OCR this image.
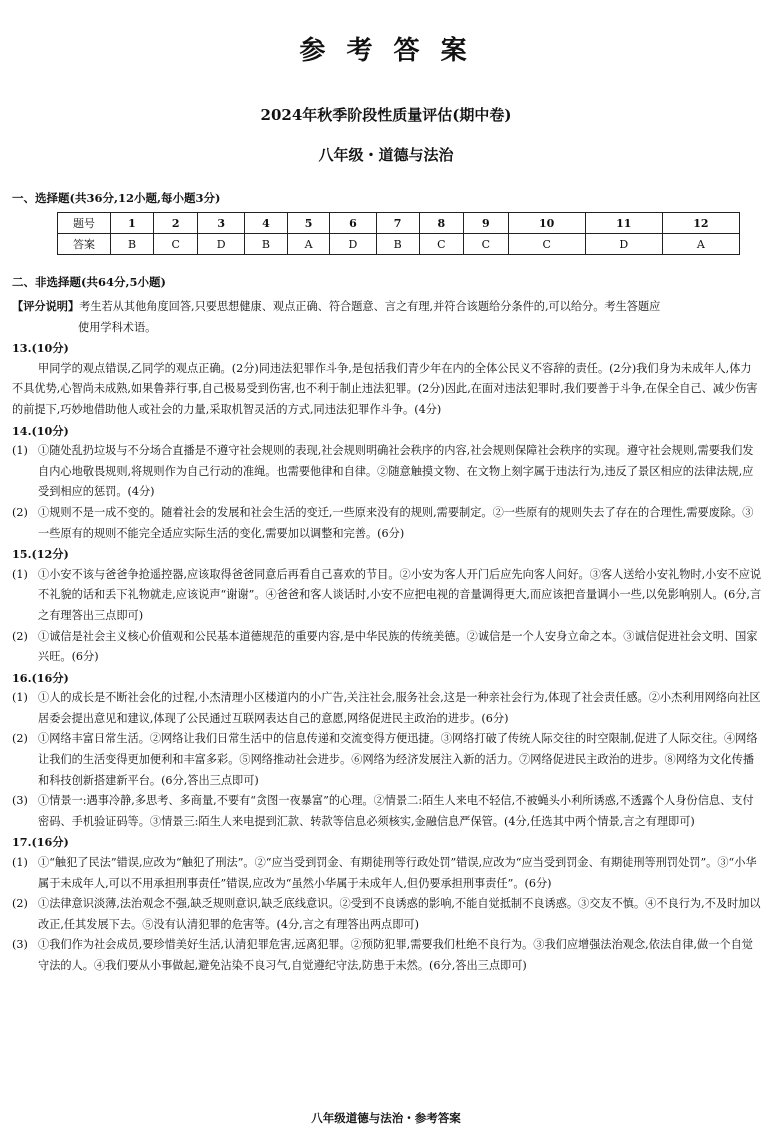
参 考 答 案
2024年秋季阶段性质量评估(期中卷)
八年级・道德与法治
一、选择题(共36分,12小题,每小题3分)
题号	1	2	3	4	5	6	7	8	9	10	11	12
答案	B	C	D	B	A	D	B	C	C	C	D	A
二、非选择题(共64分,5小题)

【评分说明】考生若从其他角度回答,只要思想健康、观点正确、符合题意、言之有理,并符合该题给分条件的,可以给分。考生答题应

使用学科术语。

13.(10分)

甲同学的观点错误,乙同学的观点正确。(2分)同违法犯罪作斗争,是包括我们青少年在内的全体公民义不容辞的责任。(2分)我们身为未成年人,体力不具优势,心智尚未成熟,如果鲁莽行事,自己极易受到伤害,也不利于制止违法犯罪。(2分)因此,在面对违法犯罪时,我们要善于斗争,在保全自己、减少伤害的前提下,巧妙地借助他人或社会的力量,采取机智灵活的方式,同违法犯罪作斗争。(4分)

14.(10分)

(1) ①随处乱扔垃圾与不分场合直播是不遵守社会规则的表现,社会规则明确社会秩序的内容,社会规则保障社会秩序的实现。遵守社会规则,需要我们发自内心地敬畏规则,将规则作为自己行动的准绳。也需要他律和自律。②随意触摸文物、在文物上刻字属于违法行为,违反了景区相应的法律法规,应受到相应的惩罚。(4分)

(2) ①规则不是一成不变的。随着社会的发展和社会生活的变迁,一些原来没有的规则,需要制定。②一些原有的规则失去了存在的合理性,需要废除。③一些原有的规则不能完全适应实际生活的变化,需要加以调整和完善。(6分)

15.(12分)

(1) ①小安不该与爸爸争抢遥控器,应该取得爸爸同意后再看自己喜欢的节目。②小安为客人开门后应先向客人问好。③客人送给小安礼物时,小安不应说不礼貌的话和丢下礼物就走,应该说声“谢谢”。④爸爸和客人谈话时,小安不应把电视的音量调得更大,而应该把音量调小一些,以免影响别人。(6分,言之有理答出三点即可)

(2) ①诚信是社会主义核心价值观和公民基本道德规范的重要内容,是中华民族的传统美德。②诚信是一个人安身立命之本。③诚信促进社会文明、国家兴旺。(6分)

16.(16分)

(1) ①人的成长是不断社会化的过程,小杰清理小区楼道内的小广告,关注社会,服务社会,这是一种亲社会行为,体现了社会责任感。②小杰利用网络向社区居委会提出意见和建议,体现了公民通过互联网表达自己的意愿,网络促进民主政治的进步。(6分)

(2) ①网络丰富日常生活。②网络让我们日常生活中的信息传递和交流变得方便迅捷。③网络打破了传统人际交往的时空限制,促进了人际交往。④网络让我们的生活变得更加便利和丰富多彩。⑤网络推动社会进步。⑥网络为经济发展注入新的活力。⑦网络促进民主政治的进步。⑧网络为文化传播和科技创新搭建新平台。(6分,答出三点即可)

(3) ①情景一:遇事冷静,多思考、多商量,不要有“贪图一夜暴富”的心理。②情景二:陌生人来电不轻信,不被蝇头小利所诱惑,不透露个人身份信息、支付密码、手机验证码等。③情景三:陌生人来电提到汇款、转款等信息必须核实,金融信息严保管。(4分,任选其中两个情景,言之有理即可)

17.(16分)

(1) ①“触犯了民法”错误,应改为“触犯了刑法”。②“应当受到罚金、有期徒刑等行政处罚”错误,应改为“应当受到罚金、有期徒刑等刑罚处罚”。③“小华属于未成年人,可以不用承担刑事责任”错误,应改为“虽然小华属于未成年人,但仍要承担刑事责任”。(6分)

(2) ①法律意识淡薄,法治观念不强,缺乏规则意识,缺乏底线意识。②受到不良诱惑的影响,不能自觉抵制不良诱惑。③交友不慎。④不良行为,不及时加以改正,任其发展下去。⑤没有认清犯罪的危害等。(4分,言之有理答出两点即可)

(3) ①我们作为社会成员,要珍惜美好生活,认清犯罪危害,远离犯罪。②预防犯罪,需要我们杜绝不良行为。③我们应增强法治观念,依法自律,做一个自觉守法的人。④我们要从小事做起,避免沾染不良习气,自觉遵纪守法,防患于未然。(6分,答出三点即可)

八年级道德与法治・参考答案
